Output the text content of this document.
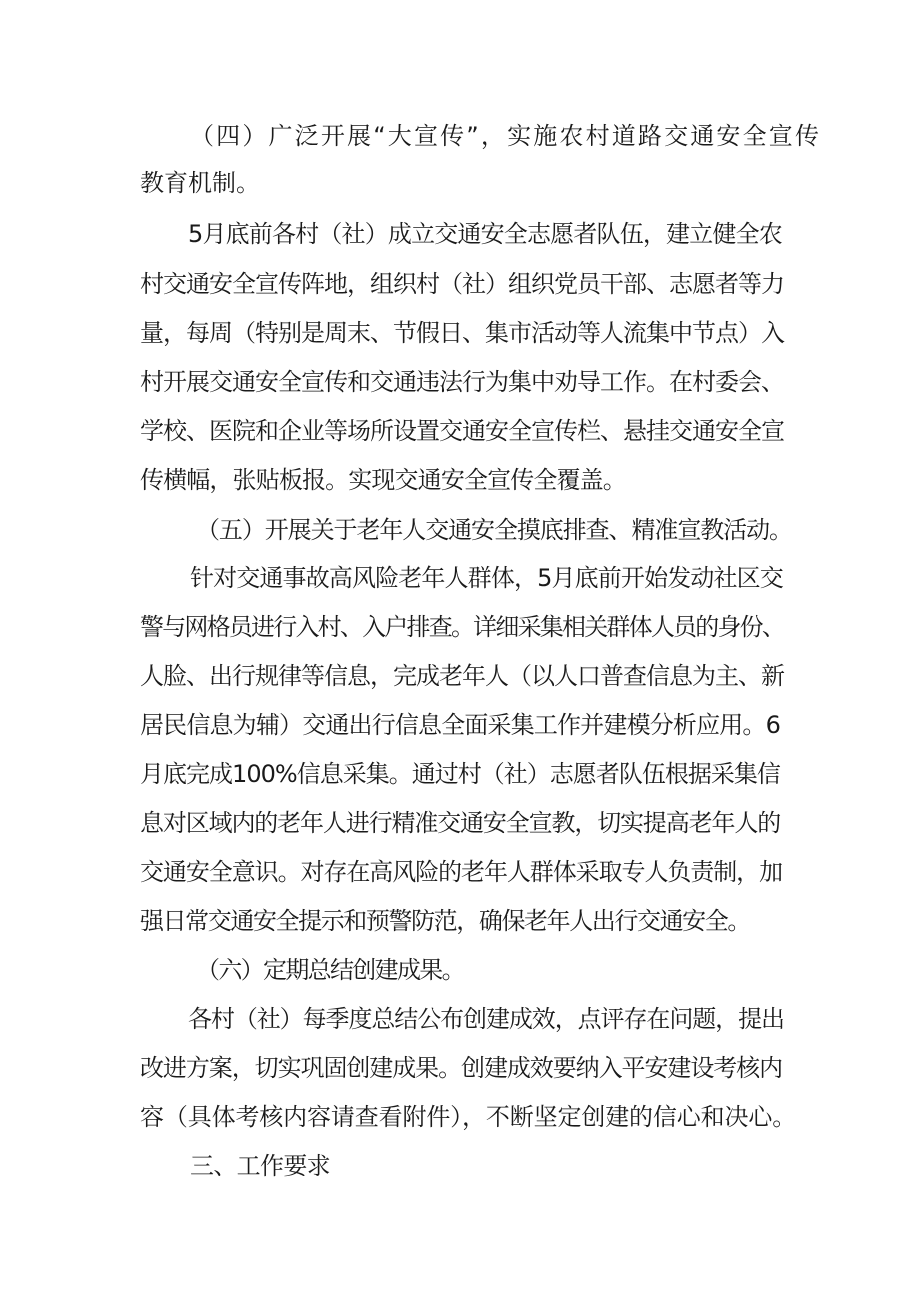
（四）广泛开展“大宣传”，实施农村道路交通安全宣传

教育机制。

5月底前各村（社）成立交通安全志愿者队伍，建立健全农

村交通安全宣传阵地，组织村（社）组织党员干部、志愿者等力

量，每周（特别是周末、节假日、集市活动等人流集中节点）入

村开展交通安全宣传和交通违法行为集中劝导工作。在村委会、

学校、医院和企业等场所设置交通安全宣传栏、悬挂交通安全宣

传横幅，张贴板报。实现交通安全宣传全覆盖。

（五）开展关于老年人交通安全摸底排查、精准宣教活动。

针对交通事故高风险老年人群体，5月底前开始发动社区交

警与网格员进行入村、入户排查。详细采集相关群体人员的身份、

人脸、出行规律等信息，完成老年人（以人口普查信息为主、新

居民信息为辅）交通出行信息全面采集工作并建模分析应用。6

月底完成100%信息采集。通过村（社）志愿者队伍根据采集信

息对区域内的老年人进行精准交通安全宣教，切实提高老年人的

交通安全意识。对存在高风险的老年人群体采取专人负责制，加

强日常交通安全提示和预警防范，确保老年人出行交通安全。

（六）定期总结创建成果。

各村（社）每季度总结公布创建成效，点评存在问题，提出

改进方案，切实巩固创建成果。创建成效要纳入平安建设考核内

容（具体考核内容请查看附件），不断坚定创建的信心和决心。

三、工作要求
